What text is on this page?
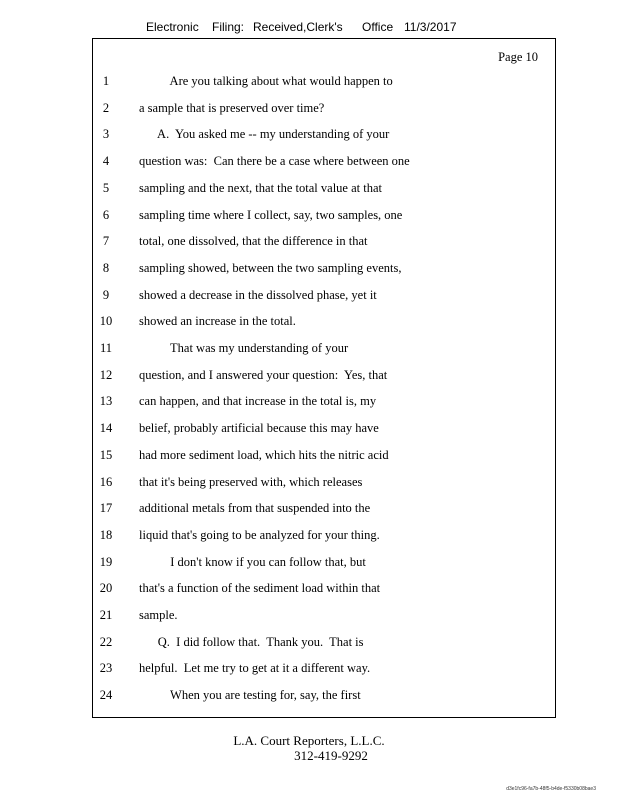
Electronic

Filing:

Received,Clerk's

Office

11/3/2017

Page 10
1	Are you talking about what would happen to
2	a sample that is preserved over time?
3	A.  You asked me -- my understanding of your
4	question was:  Can there be a case where between one
5	sampling and the next, that the total value at that
6	sampling time where I collect, say, two samples, one
7	total, one dissolved, that the difference in that
8	sampling showed, between the two sampling events,
9	showed a decrease in the dissolved phase, yet it
10	showed an increase in the total.
11	That was my understanding of your
12	question, and I answered your question:  Yes, that
13	can happen, and that increase in the total is, my
14	belief, probably artificial because this may have
15	had more sediment load, which hits the nitric acid
16	that it's being preserved with, which releases
17	additional metals from that suspended into the
18	liquid that's going to be analyzed for your thing.
19	I don't know if you can follow that, but
20	that's a function of the sediment load within that
21	sample.
22	Q.  I did follow that.  Thank you.  That is
23	helpful.  Let me try to get at it a different way.
24	When you are testing for, say, the first
L.A. Court Reporters, L.L.C.
312-419-9292
d3e1fc96-fa7b-48f5-b4de-f5330b08bae3
